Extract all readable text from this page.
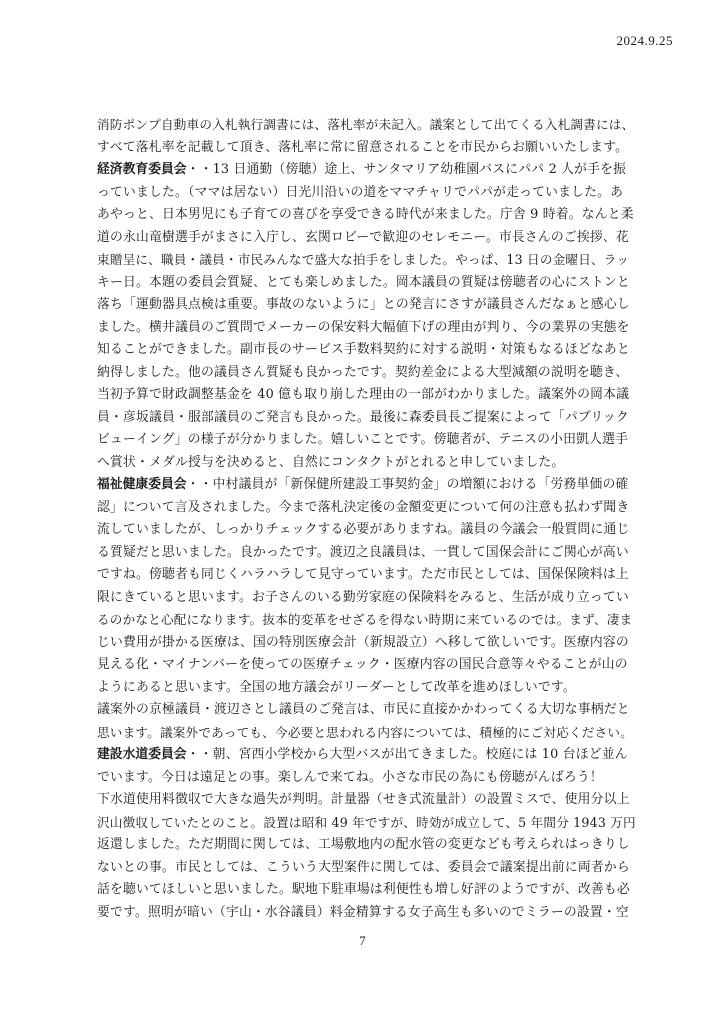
2024.9.25
消防ポンプ自動車の入札執行調書には、落札率が未記入。議案として出てくる入札調書には、
すべて落札率を記載して頂き、落札率に常に留意されることを市民からお願いいたします。
経済教育委員会・・13 日通勤（傍聴）途上、サンタマリア幼稚園バスにパパ 2 人が手を振
っていました。（ママは居ない）日光川沿いの道をママチャリでパパが走っていました。あ
あやっと、日本男児にも子育ての喜びを享受できる時代が来ました。庁舎 9 時着。なんと柔
道の永山竜樹選手がまさに入庁し、玄関ロビーで歓迎のセレモニー。市長さんのご挨拶、花
束贈呈に、職員・議員・市民みんなで盛大な拍手をしました。やっぱ、13 日の金曜日、ラッ
キー日。本題の委員会質疑、とても楽しめました。岡本議員の質疑は傍聴者の心にストンと
落ち「運動器具点検は重要。事故のないように」との発言にさすが議員さんだなぁと感心し
ました。横井議員のご質問でメーカーの保安料大幅値下げの理由が判り、今の業界の実態を
知ることができました。副市長のサービス手数料契約に対する説明・対策もなるほどなあと
納得しました。他の議員さん質疑も良かったです。契約差金による大型減額の説明を聴き、
当初予算で財政調整基金を 40 億も取り崩した理由の一部がわかりました。議案外の岡本議
員・彦坂議員・服部議員のご発言も良かった。最後に森委員長ご提案によって「パブリック
ビューイング」の様子が分かりました。嬉しいことです。傍聴者が、テニスの小田凱人選手
へ賞状・メダル授与を決めると、自然にコンタクトがとれると申していました。
福祉健康委員会・・中村議員が「新保健所建設工事契約金」の増額における「労務単価の確
認」について言及されました。今まで落札決定後の金額変更について何の注意も払わず聞き
流していましたが、しっかりチェックする必要がありますね。議員の今議会一般質問に通じ
る質疑だと思いました。良かったです。渡辺之良議員は、一貫して国保会計にご関心が高い
ですね。傍聴者も同じくハラハラして見守っています。ただ市民としては、国保保険料は上
限にきていると思います。お子さんのいる勤労家庭の保険料をみると、生活が成り立ってい
るのかなと心配になります。抜本的変革をせざるを得ない時期に来ているのでは。まず、凄ま
じい費用が掛かる医療は、国の特別医療会計（新規設立）へ移して欲しいです。医療内容の
見える化・マイナンバーを使っての医療チェック・医療内容の国民合意等々やることが山の
ようにあると思います。全国の地方議会がリーダーとして改革を進めほしいです。
議案外の京極議員・渡辺さとし議員のご発言は、市民に直接かかわってくる大切な事柄だと
思います。議案外であっても、今必要と思われる内容については、積極的にご対応ください。
建設水道委員会・・朝、宮西小学校から大型バスが出てきました。校庭には 10 台ほど並ん
でいます。今日は遠足との事。楽しんで来てね。小さな市民の為にも傍聴がんばろう！
下水道使用料徴収で大きな過失が判明。計量器（せき式流量計）の設置ミスで、使用分以上
沢山徴収していたとのこと。設置は昭和 49 年ですが、時効が成立して、5 年間分 1943 万円
返還しました。ただ期間に関しては、工場敷地内の配水管の変更なども考えられはっきりし
ないとの事。市民としては、こういう大型案件に関しては、委員会で議案提出前に両者から
話を聴いてほしいと思いました。駅地下駐車場は利便性も増し好評のようですが、改善も必
要です。照明が暗い（宇山・水谷議員）料金精算する女子高生も多いのでミラーの設置・空
7
